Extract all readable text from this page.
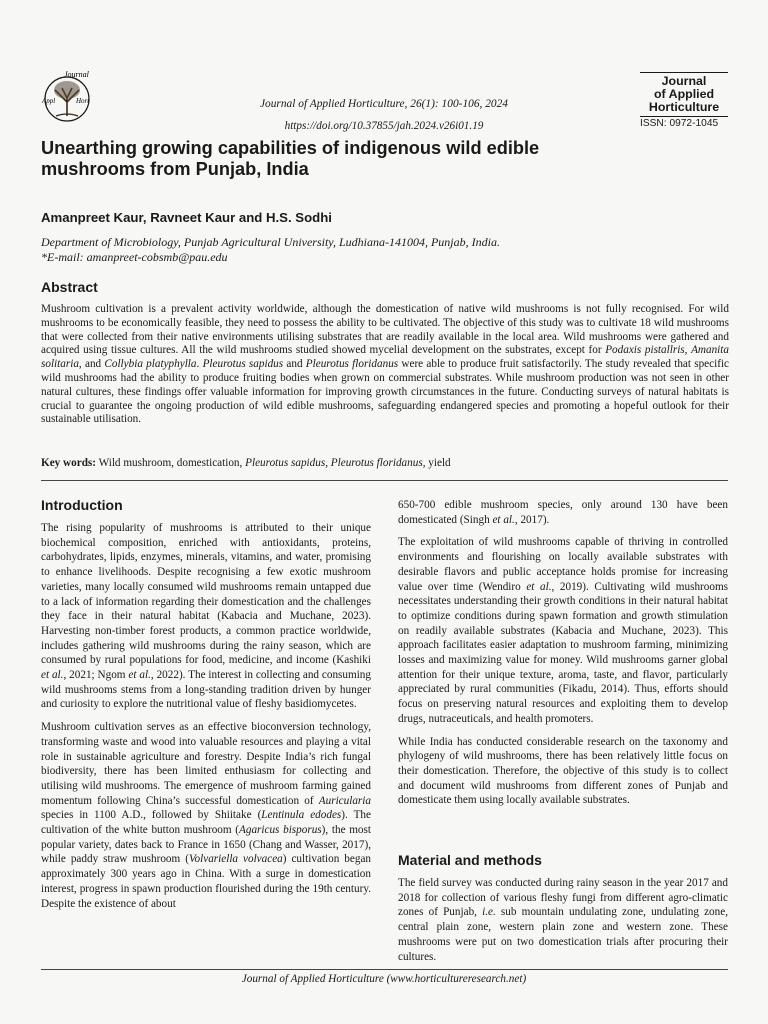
Journal
Appl	Hort	Journal of Applied Horticulture, 26(1): 100-106, 2024
https://doi.org/10.37855/jah.2024.v26i01.19
Journal
of Applied
Horticulture
ISSN: 0972-1045
Unearthing growing capabilities of indigenous wild edible
mushrooms from Punjab, India
Amanpreet Kaur, Ravneet Kaur and H.S. Sodhi
Department of Microbiology, Punjab Agricultural University, Ludhiana-141004, Punjab, India.
*E-mail: amanpreet-cobsmb@pau.edu
Abstract

Mushroom cultivation is a prevalent activity worldwide, although the domestication of native wild mushrooms is not fully recognised. For wild mushrooms to be economically feasible, they need to possess the ability to be cultivated. The objective of this study was to cultivate 18 wild mushrooms that were collected from their native environments utilising substrates that are readily available in the local area. Wild mushrooms were gathered and acquired using tissue cultures. All the wild mushrooms studied showed mycelial development on the substrates, except for Podaxis pistallris, Amanita solitaria, and Collybia platyphylla. Pleurotus sapidus and Pleurotus floridanus were able to produce fruit satisfactorily. The study revealed that specific wild mushrooms had the ability to produce fruiting bodies when grown on commercial substrates. While mushroom production was not seen in other natural cultures, these findings offer valuable information for improving growth circumstances in the future. Conducting surveys of natural habitats is crucial to guarantee the ongoing production of wild edible mushrooms, safeguarding endangered species and promoting a hopeful outlook for their sustainable utilisation.

Key words: Wild mushroom, domestication, Pleurotus sapidus, Pleurotus floridanus, yield
Introduction

The rising popularity of mushrooms is attributed to their unique biochemical composition, enriched with antioxidants, proteins, carbohydrates, lipids, enzymes, minerals, vitamins, and water, promising to enhance livelihoods. Despite recognising a few exotic mushroom varieties, many locally consumed wild mushrooms remain untapped due to a lack of information regarding their domestication and the challenges they face in their natural habitat (Kabacia and Muchane, 2023). Harvesting non-timber forest products, a common practice worldwide, includes gathering wild mushrooms during the rainy season, which are consumed by rural populations for food, medicine, and income (Kashiki et al., 2021; Ngom et al., 2022). The interest in collecting and consuming wild mushrooms stems from a long-standing tradition driven by hunger and curiosity to explore the nutritional value of fleshy basidiomycetes.

Mushroom cultivation serves as an effective bioconversion technology, transforming waste and wood into valuable resources and playing a vital role in sustainable agriculture and forestry. Despite India’s rich fungal biodiversity, there has been limited enthusiasm for collecting and utilising wild mushrooms. The emergence of mushroom farming gained momentum following China’s successful domestication of Auricularia species in 1100 A.D., followed by Shiitake (Lentinula edodes). The cultivation of the white button mushroom (Agaricus bisporus), the most popular variety, dates back to France in 1650 (Chang and Wasser, 2017), while paddy straw mushroom (Volvariella volvacea) cultivation began approximately 300 years ago in China. With a surge in domestication interest, progress in spawn production flourished during the 19th century. Despite the existence of about

650-700 edible mushroom species, only around 130 have been domesticated (Singh et al., 2017).

The exploitation of wild mushrooms capable of thriving in controlled environments and flourishing on locally available substrates with desirable flavors and public acceptance holds promise for increasing value over time (Wendiro et al., 2019). Cultivating wild mushrooms necessitates understanding their growth conditions in their natural habitat to optimize conditions during spawn formation and growth stimulation on readily available substrates (Kabacia and Muchane, 2023). This approach facilitates easier adaptation to mushroom farming, minimizing losses and maximizing value for money. Wild mushrooms garner global attention for their unique texture, aroma, taste, and flavor, particularly appreciated by rural communities (Fikadu, 2014). Thus, efforts should focus on preserving natural resources and exploiting them to develop drugs, nutraceuticals, and health promoters.

While India has conducted considerable research on the taxonomy and phylogeny of wild mushrooms, there has been relatively little focus on their domestication. Therefore, the objective of this study is to collect and document wild mushrooms from different zones of Punjab and domesticate them using locally available substrates.

Material and methods

The field survey was conducted during rainy season in the year 2017 and 2018 for collection of various fleshy fungi from different agro-climatic zones of Punjab, i.e. sub mountain undulating zone, undulating zone, central plain zone, western plain zone and western zone. These mushrooms were put on two domestication trials after procuring their cultures.

Journal of Applied Horticulture (www.horticultureresearch.net)
